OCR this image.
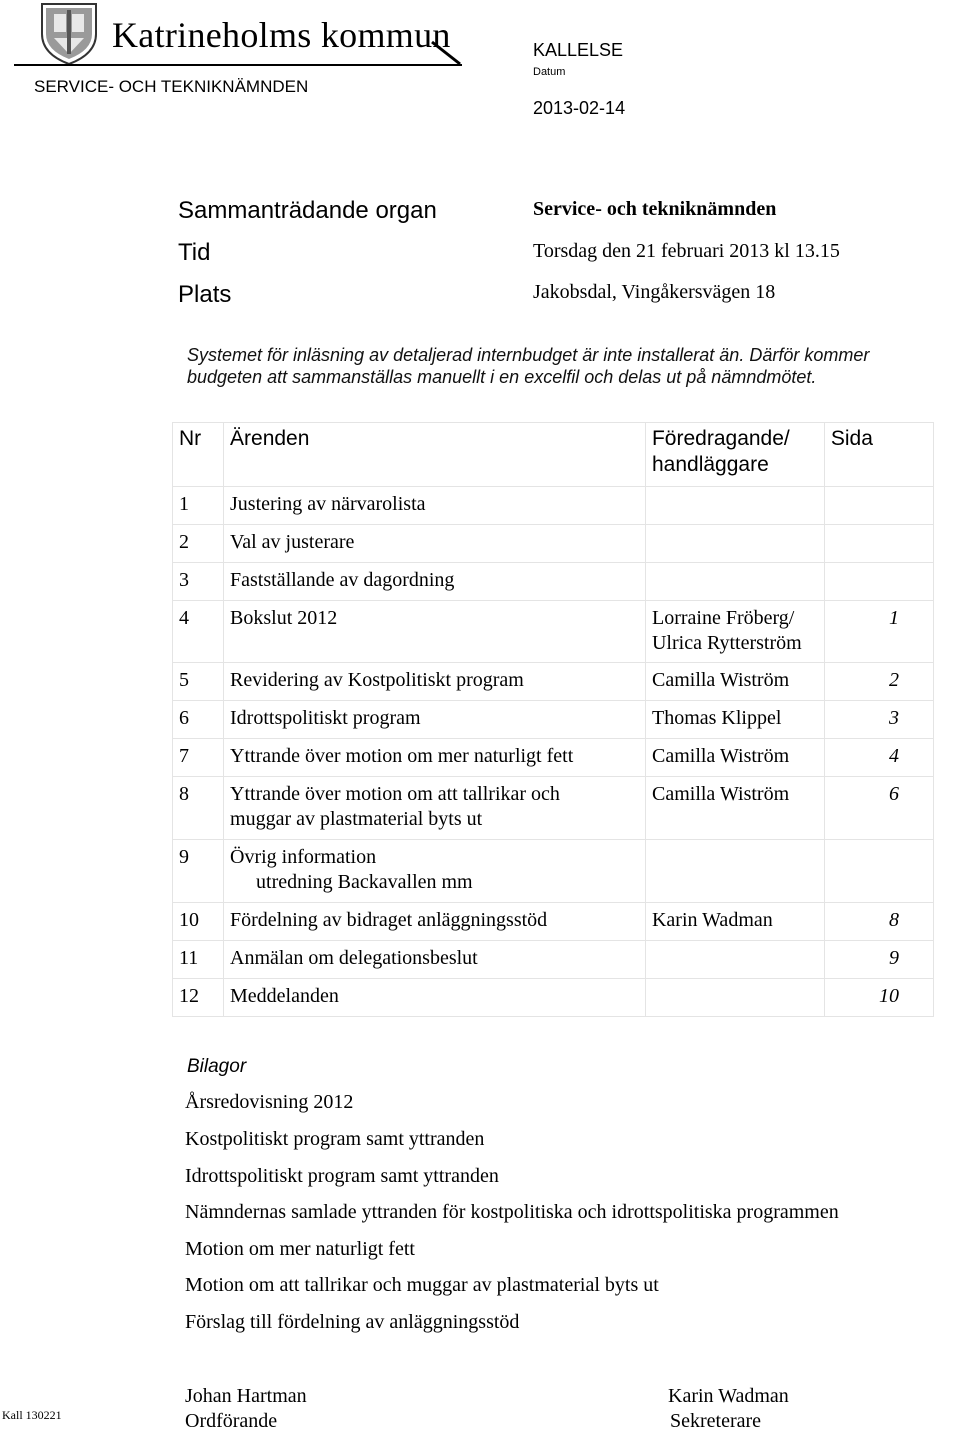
Katrineholms kommun
SERVICE- OCH TEKNIKNÄMNDEN
KALLELSE
Datum
2013-02-14
Sammanträdande organ	Service- och tekniknämnden
Tid	Torsdag den 21 februari 2013 kl 13.15
Plats	Jakobsdal, Vingåkersvägen 18
Systemet för inläsning av detaljerad internbudget är inte installerat än. Därför kommer
budgeten att sammanställas manuellt i en excelfil och delas ut på nämndmötet.
Nr	Ärenden	Föredragande/
handläggare	Sida
1	Justering av närvarolista		
2	Val av justerare		
3	Fastställande av dagordning		
4	Bokslut 2012	Lorraine Fröberg/
Ulrica Rytterström	1
5	Revidering av Kostpolitiskt program	Camilla Wiström	2
6	Idrottspolitiskt program	Thomas Klippel	3
7	Yttrande över motion om mer naturligt fett	Camilla Wiström	4
8	Yttrande över motion om att tallrikar och
muggar av plastmaterial byts ut	Camilla Wiström	6
9	Övrig information
utredning Backavallen mm		

10	Fördelning av bidraget anläggningsstöd	Karin Wadman	8
11	Anmälan om delegationsbeslut		9
12	Meddelanden		10
Bilagor
Årsredovisning 2012
Kostpolitiskt program samt yttranden
Idrottspolitiskt program samt yttranden
Nämndernas samlade yttranden för kostpolitiska och idrottspolitiska programmen
Motion om mer naturligt fett
Motion om att tallrikar och muggar av plastmaterial byts ut
Förslag till fördelning av anläggningsstöd
Johan Hartman
Ordförande
Karin Wadman
Sekreterare
Kall 130221
